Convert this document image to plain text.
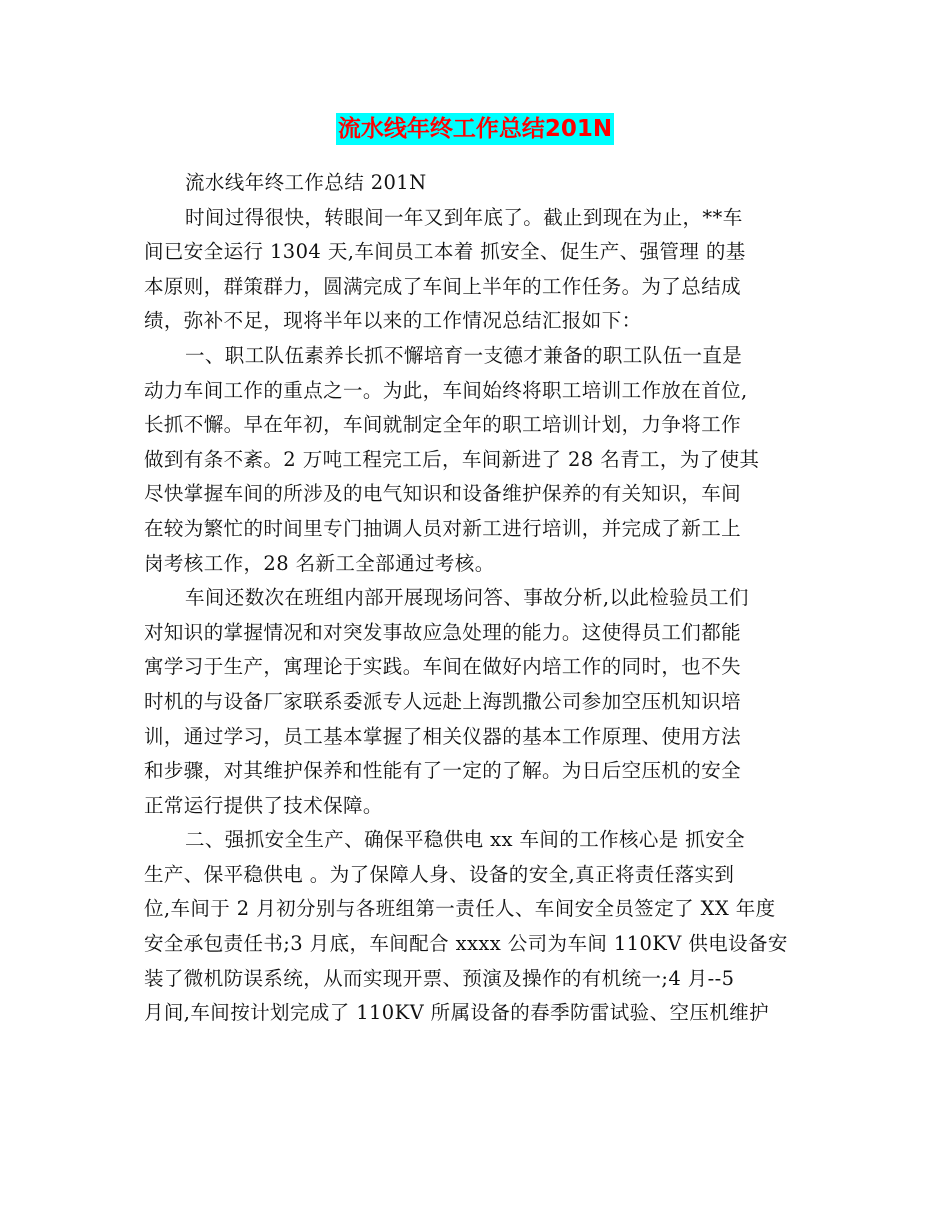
流水线年终工作总结201N
流水线年终工作总结 201N
时间过得很快，转眼间一年又到年底了。截止到现在为止，**车
间已安全运行 1304 天,车间员工本着 抓安全、促生产、强管理 的基
本原则，群策群力，圆满完成了车间上半年的工作任务。为了总结成
绩，弥补不足，现将半年以来的工作情况总结汇报如下：
一、职工队伍素养长抓不懈培育一支德才兼备的职工队伍一直是
动力车间工作的重点之一。为此，车间始终将职工培训工作放在首位,
长抓不懈。早在年初，车间就制定全年的职工培训计划，力争将工作
做到有条不紊。2 万吨工程完工后，车间新进了 28 名青工，为了使其
尽快掌握车间的所涉及的电气知识和设备维护保养的有关知识，车间
在较为繁忙的时间里专门抽调人员对新工进行培训，并完成了新工上
岗考核工作，28 名新工全部通过考核。
车间还数次在班组内部开展现场问答、事故分析,以此检验员工们
对知识的掌握情况和对突发事故应急处理的能力。这使得员工们都能
寓学习于生产，寓理论于实践。车间在做好内培工作的同时，也不失
时机的与设备厂家联系委派专人远赴上海凯撒公司参加空压机知识培
训，通过学习，员工基本掌握了相关仪器的基本工作原理、使用方法
和步骤，对其维护保养和性能有了一定的了解。为日后空压机的安全
正常运行提供了技术保障。
二、强抓安全生产、确保平稳供电 xx 车间的工作核心是 抓安全
生产、保平稳供电 。为了保障人身、设备的安全,真正将责任落实到
位,车间于 2 月初分别与各班组第一责任人、车间安全员签定了 XX 年度
安全承包责任书;3 月底，车间配合 xxxx 公司为车间 110KV 供电设备安
装了微机防误系统，从而实现开票、预演及操作的有机统一;4 月--5
月间,车间按计划完成了 110KV 所属设备的春季防雷试验、空压机维护
